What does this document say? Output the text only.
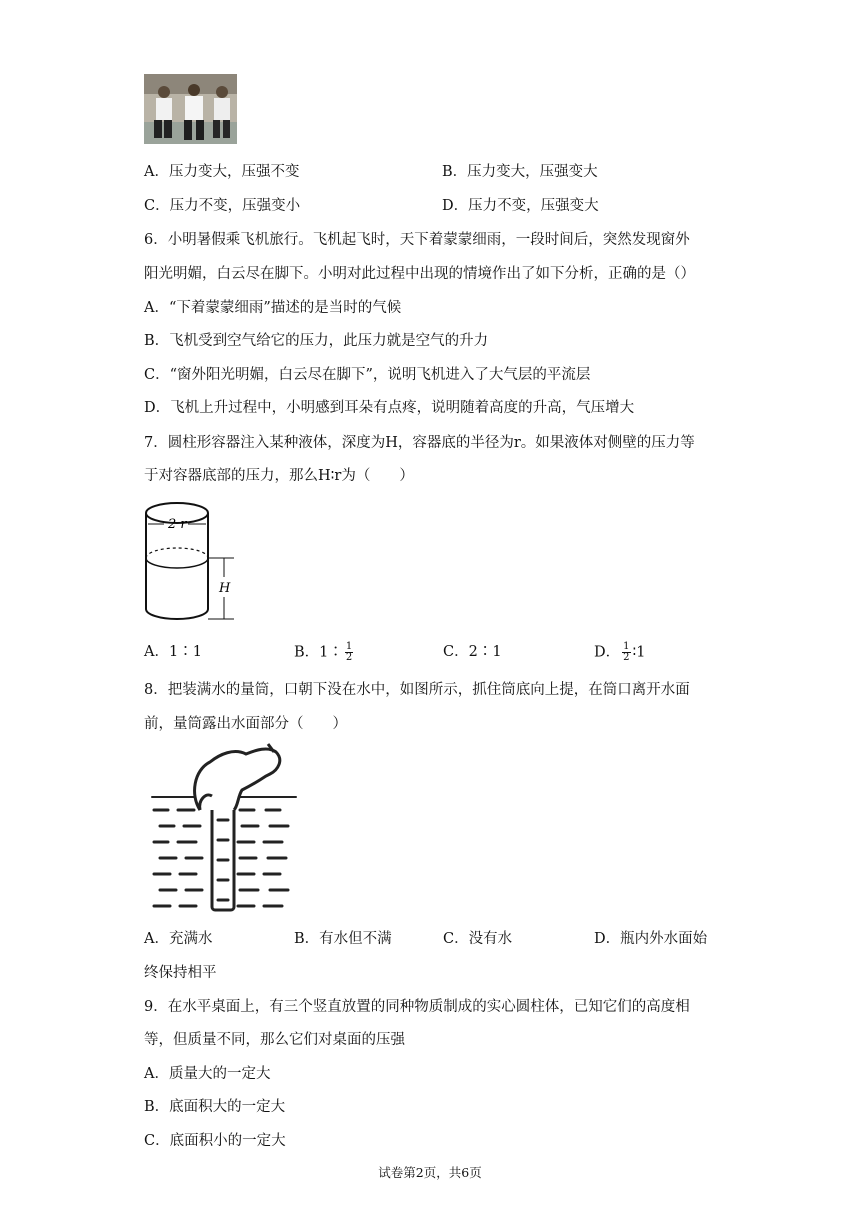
A．压力变大，压强不变	B．压力变大，压强变大
C．压力不变，压强变小	D．压力不变，压强变大
6．小明暑假乘飞机旅行。飞机起飞时，天下着蒙蒙细雨，一段时间后，突然发现窗外
阳光明媚，白云尽在脚下。小明对此过程中出现的情境作出了如下分析，正确的是（）
A．“下着蒙蒙细雨”描述的是当时的气候
B．飞机受到空气给它的压力，此压力就是空气的升力
C．“窗外阳光明媚，白云尽在脚下”，说明飞机进入了大气层的平流层
D．飞机上升过程中，小明感到耳朵有点疼，说明随着高度的升高，气压增大
7．圆柱形容器注入某种液体，深度为H，容器底的半径为r。如果液体对侧壁的压力等
于对容器底部的压力，那么H∶r为（　　）
2 r
H
A．1∶1	B．1∶ $\frac{1}{2}$	C．2∶1	D． $\frac{1}{2}$ ∶1
8．把装满水的量筒，口朝下没在水中，如图所示，抓住筒底向上提，在筒口离开水面
前，量筒露出水面部分（　　）
A．充满水	B．有水但不满	C．没有水	D．瓶内外水面始
终保持相平
9．在水平桌面上，有三个竖直放置的同种物质制成的实心圆柱体，已知它们的高度相
等，但质量不同，那么它们对桌面的压强
A．质量大的一定大
B．底面积大的一定大
C．底面积小的一定大
试卷第2页，共6页
